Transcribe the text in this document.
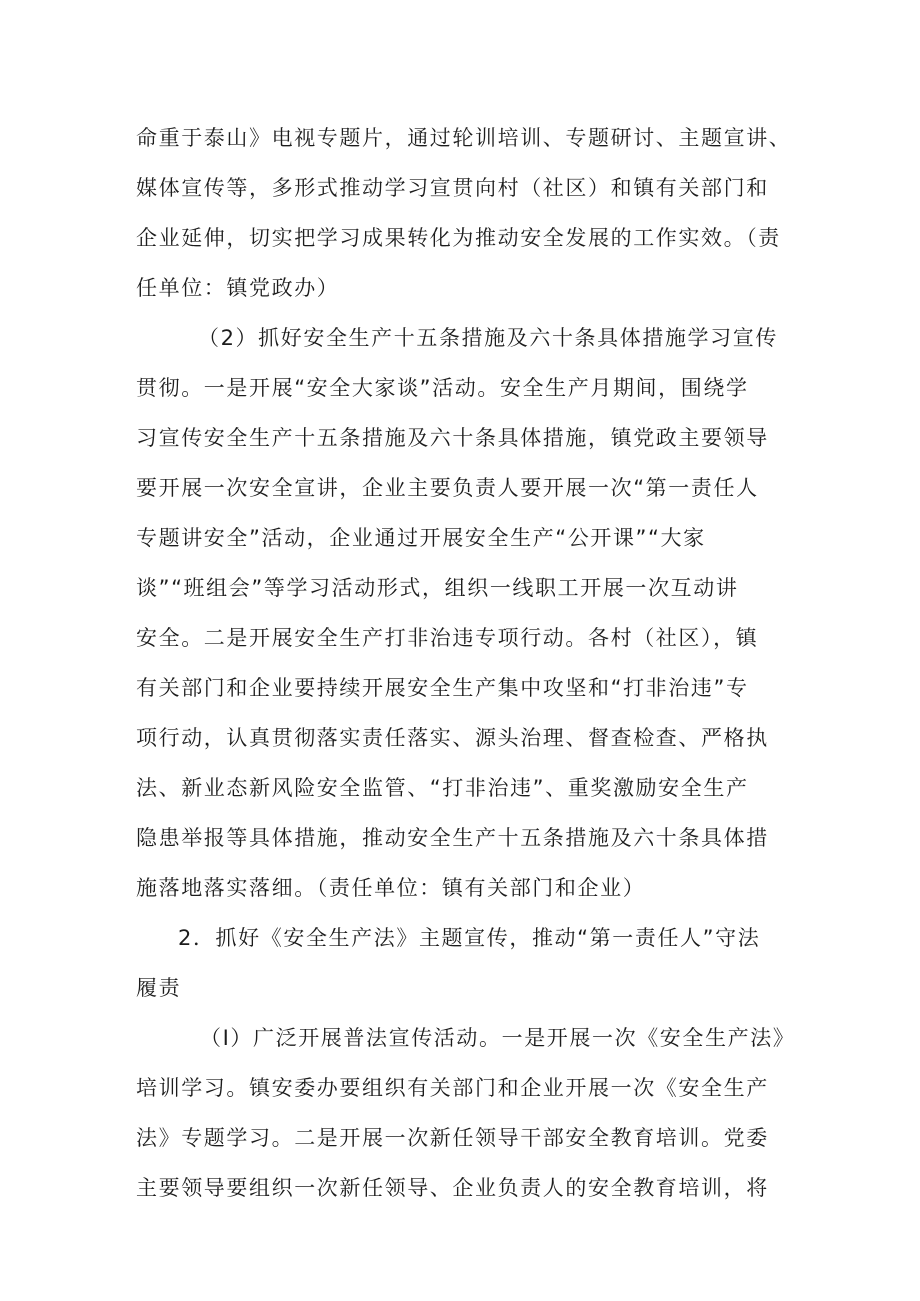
命重于泰山》电视专题片，通过轮训培训、专题研讨、主题宣讲、
媒体宣传等，多形式推动学习宣贯向村（社区）和镇有关部门和
企业延伸，切实把学习成果转化为推动安全发展的工作实效。（责
任单位：镇党政办）
（2）抓好安全生产十五条措施及六十条具体措施学习宣传
贯彻。一是开展“安全大家谈”活动。安全生产月期间，围绕学
习宣传安全生产十五条措施及六十条具体措施，镇党政主要领导
要开展一次安全宣讲，企业主要负责人要开展一次“第一责任人
专题讲安全”活动，企业通过开展安全生产“公开课”“大家
谈”“班组会”等学习活动形式，组织一线职工开展一次互动讲
安全。二是开展安全生产打非治违专项行动。各村（社区），镇
有关部门和企业要持续开展安全生产集中攻坚和“打非治违”专
项行动，认真贯彻落实责任落实、源头治理、督查检查、严格执
法、新业态新风险安全监管、“打非治违”、重奖激励安全生产
隐患举报等具体措施，推动安全生产十五条措施及六十条具体措
施落地落实落细。（责任单位：镇有关部门和企业）
2．抓好《安全生产法》主题宣传，推动“第一责任人”守法
履责
（I）广泛开展普法宣传活动。一是开展一次《安全生产法》
培训学习。镇安委办要组织有关部门和企业开展一次《安全生产
法》专题学习。二是开展一次新任领导干部安全教育培训。党委
主要领导要组织一次新任领导、企业负责人的安全教育培训，将
